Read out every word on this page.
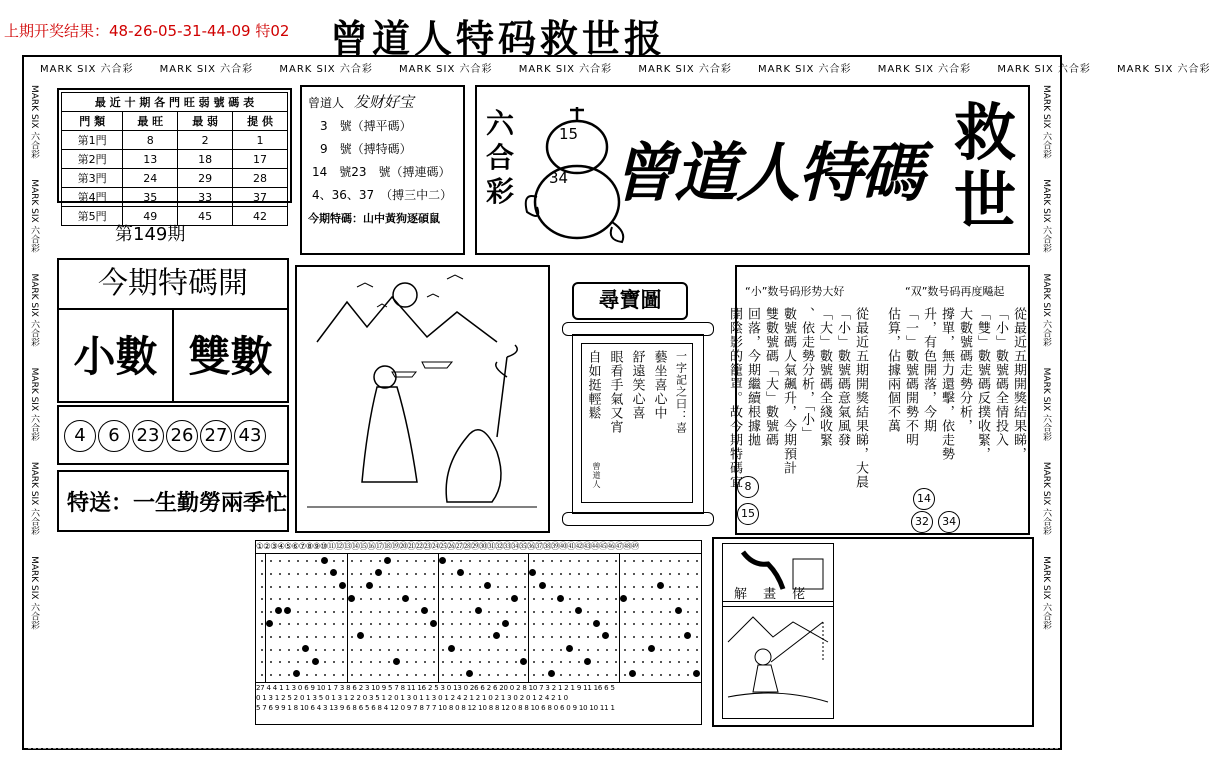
上期开奖结果：48-26-05-31-44-09 特02 曾道人特码救世报
MARK SIX 六合彩　　	MARK SIX 六合彩　　	MARK SIX 六合彩　　	MARK SIX 六合彩　　	MARK SIX 六合彩　　	MARK SIX 六合彩　　	MARK SIX 六合彩　　	MARK SIX 六合彩　　	MARK SIX 六合彩　　	MARK SIX 六合彩
MARK SIX 六合彩　　 MARK SIX 六合彩　　 MARK SIX 六合彩　　 MARK SIX 六合彩　　 MARK SIX 六合彩　　 MARK SIX 六合彩
MARK SIX 六合彩　　 MARK SIX 六合彩　　 MARK SIX 六合彩　　 MARK SIX 六合彩　　 MARK SIX 六合彩　　 MARK SIX 六合彩
最 近 十 期 各 門 旺 弱 號 碼 表			
門 類	最 旺	最 弱	提 供
第1門	8	2	1
第2門	13	18	17
第3門	24	29	28
第4門	35	33	37
第5門	49	45	42
第149期
曾道人 发财好宝
3　號（搏平碼）
9　號（搏特碼）
14　號23　號（搏連碼）
4、36、37　（搏三中二）
今期特碼：山中黃狗逐碩鼠
六
合
彩
15
34 曾道人特碼
救
世
今期特碼開
小數 雙數
4 6 23 26 27 43
特送：一生勤勞兩季忙
尋寶圖
一字記之曰：喜
藝坐喜心中
舒遠笑心喜
眼看手氣又宵
自如挺輕鬆
曾道人
“小”数号码形势大好	“双”数号码再度飚起
從最近五期開獎結果睇，大晨
「小」數號碼意氣風發
「大」數號碼全綫收緊
、依走勢分析，「小」
數號碼人氣飆升，今期預計
雙數號碼「大」數號碼
回落，今期繼續根據拋
開陰影的籠罩。故今期特碼宜	從最近五期開獎結果睇，
「小」數號碼全情投入
「雙」數號碼反撲收緊，
大數號碼走勢分析，
撐單，無力還擊，依走勢
升，有色開落，今期
「一」數號碼開勢不明
估算，佔據兩個不萬
8 15
14
32 34
解 畫 佬
①②③④⑤⑥⑦⑧⑨⑩⑪⑫⑬⑭⑮⑯⑰⑱⑲⑳㉑㉒㉓㉔㉕㉖㉗㉘㉙㉚㉛㉜㉝㉞㉟㊱㊲㊳㊴㊵㊶㊷㊸㊹㊺㊻㊼㊽㊾
27 4 4 1 1 3 0 6 9 10 1 7 3 8 6 2 3 10 9 5 7 8 11 16 2 5 3 0 13 0 26 6 2 6 20 0 2 8 10 7 3 2 1 2 1 9 11 16 6 5
0 1 3 1 2 5 2 0 1 3 5 0 1 3 1 2 2 0 3 5 1 2 0 1 3 0 1 1 3 0 1 2 4 2 1 2 1 0 2 1 3 0 2 0 1 2 4 2 1 0
5 7 6 9 9 1 8 10 6 4 3 13 9 6 8 6 5 6 8 4 12 0 9 7 8 7 7 10 8 0 8 12 10 8 8 12 0 8 8 10 6 8 0 6 0 9 10 10 11 1
